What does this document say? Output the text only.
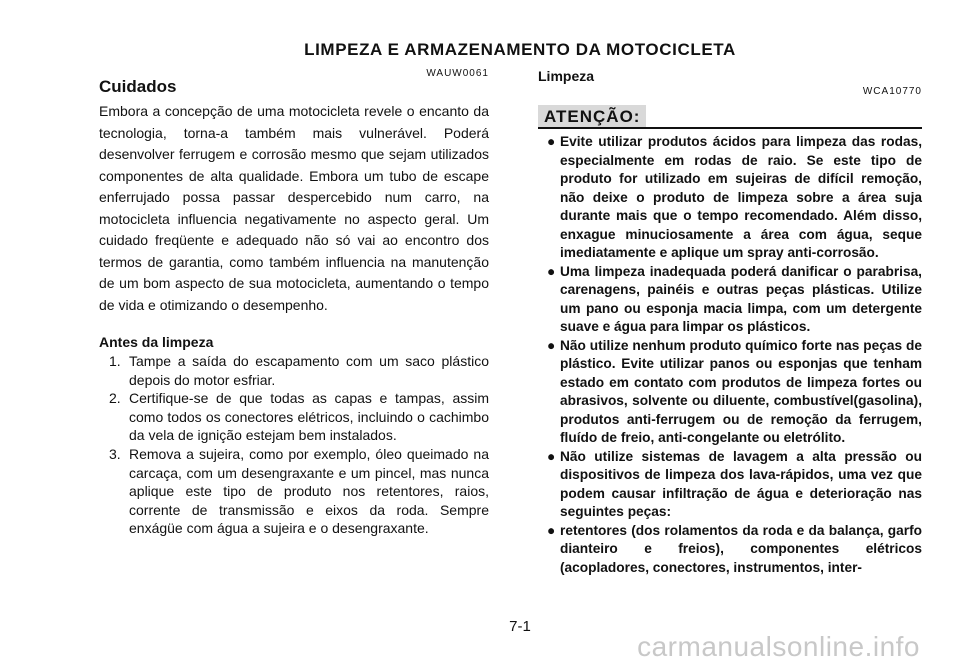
LIMPEZA E ARMAZENAMENTO DA MOTOCICLETA
WAUW0061
Cuidados
Embora a concepção de uma motocicleta revele o encanto da tecnologia, torna-a também mais vulnerável. Poderá desenvolver ferrugem e corrosão mesmo que sejam utilizados componentes de alta qualidade. Embora um tubo de escape enferrujado possa passar despercebido num carro, na motocicleta influencia negativamente no aspecto geral. Um cuidado freqüente e adequado não só vai ao encontro dos termos de garantia, como também influencia na manutenção de um bom aspecto de sua motocicleta, aumentando o tempo de vida e otimizando o desempenho.
Antes da limpeza
1. Tampe a saída do escapamento com um saco plástico depois do motor esfriar.
2. Certifique-se de que todas as capas e tampas, assim como todos os conectores elétricos, incluindo o cachimbo da vela de ignição estejam bem instalados.
3. Remova a sujeira, como por exemplo, óleo queimado na carcaça, com um desengraxante e um pincel, mas nunca aplique este tipo de produto nos retentores, raios, corrente de transmissão e eixos da roda. Sempre enxágüe com água a sujeira e o desengraxante.
Limpeza
WCA10770
ATENÇÃO:
● Evite utilizar produtos ácidos para limpeza das rodas, especialmente em rodas de raio. Se este tipo de produto for utilizado em sujeiras de difícil remoção, não deixe o produto de limpeza sobre a área suja durante mais que o tempo recomendado. Além disso, enxague minuciosamente a área com água, seque imediatamente e aplique um spray anti-corrosão.
● Uma limpeza inadequada poderá danificar o parabrisa, carenagens, painéis e outras peças plásticas. Utilize um pano ou esponja macia limpa, com um detergente suave e água para limpar os plásticos.
● Não utilize nenhum produto químico forte nas peças de plástico. Evite utilizar panos ou esponjas que tenham estado em contato com produtos de limpeza fortes ou abrasivos, solvente ou diluente, combustível(gasolina), produtos anti-ferrugem ou de remoção da ferrugem, fluído de freio, anti-congelante ou eletrólito.
● Não utilize sistemas de lavagem a alta pressão ou dispositivos de limpeza dos lava-rápidos, uma vez que podem causar infiltração de água e deterioração nas seguintes peças:
● retentores (dos rolamentos da roda e da balança, garfo dianteiro e freios), componentes elétricos (acopladores, conectores, instrumentos, inter-
7-1
carmanualsonline.info
